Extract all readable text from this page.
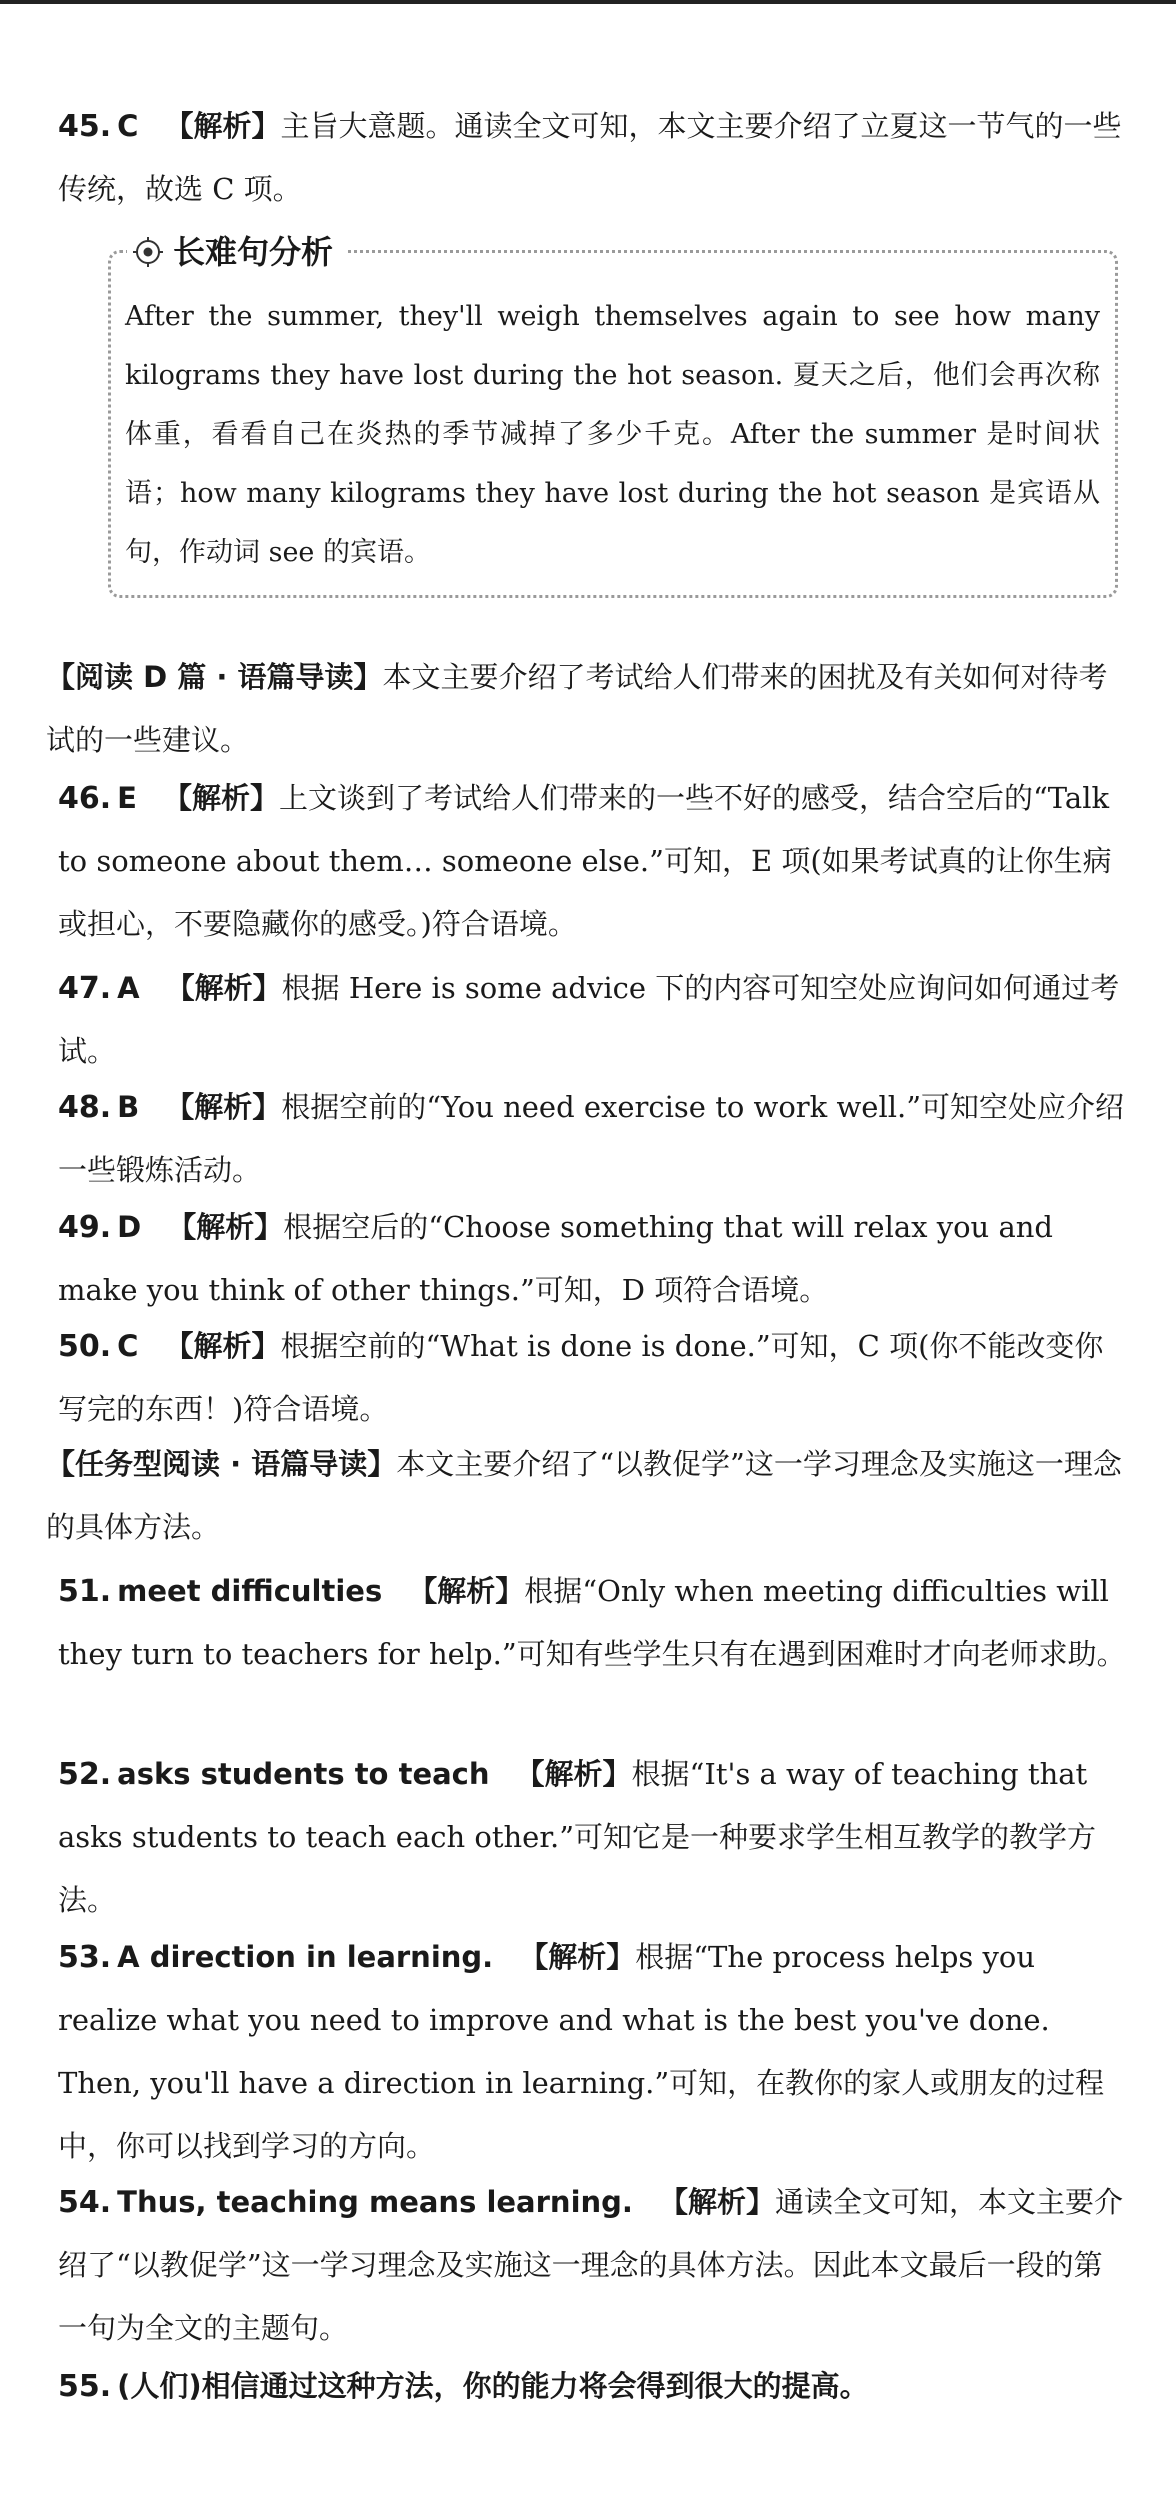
45. C 【解析】主旨大意题。通读全文可知，本文主要介绍了立夏这一节气的一些传统，故选 C 项。
长难句分析
After the summer, they'll weigh themselves again to see how many kilograms they have lost during the hot season. 夏天之后，他们会再次称体重，看看自己在炎热的季节减掉了多少千克。After the summer 是时间状语；how many kilograms they have lost during the hot season 是宾语从句，作动词 see 的宾语。
【阅读 D 篇 · 语篇导读】本文主要介绍了考试给人们带来的困扰及有关如何对待考试的一些建议。
46. E 【解析】上文谈到了考试给人们带来的一些不好的感受，结合空后的“Talk to someone about them… someone else.”可知，E 项(如果考试真的让你生病或担心，不要隐藏你的感受。)符合语境。
47. A 【解析】根据 Here is some advice 下的内容可知空处应询问如何通过考试。
48. B 【解析】根据空前的“You need exercise to work well.”可知空处应介绍一些锻炼活动。
49. D 【解析】根据空后的“Choose something that will relax you and make you think of other things.”可知，D 项符合语境。
50. C 【解析】根据空前的“What is done is done.”可知，C 项(你不能改变你写完的东西！)符合语境。
【任务型阅读 · 语篇导读】本文主要介绍了“以教促学”这一学习理念及实施这一理念的具体方法。
51. meet difficulties 【解析】根据“Only when meeting difficulties will they turn to teachers for help.”可知有些学生只有在遇到困难时才向老师求助。
52. asks students to teach 【解析】根据“It's a way of teaching that asks students to teach each other.”可知它是一种要求学生相互教学的教学方法。
53. A direction in learning. 【解析】根据“The process helps you realize what you need to improve and what is the best you've done. Then, you'll have a direction in learning.”可知，在教你的家人或朋友的过程中，你可以找到学习的方向。
54. Thus, teaching means learning. 【解析】通读全文可知，本文主要介绍了“以教促学”这一学习理念及实施这一理念的具体方法。因此本文最后一段的第一句为全文的主题句。
55. (人们)相信通过这种方法，你的能力将会得到很大的提高。
